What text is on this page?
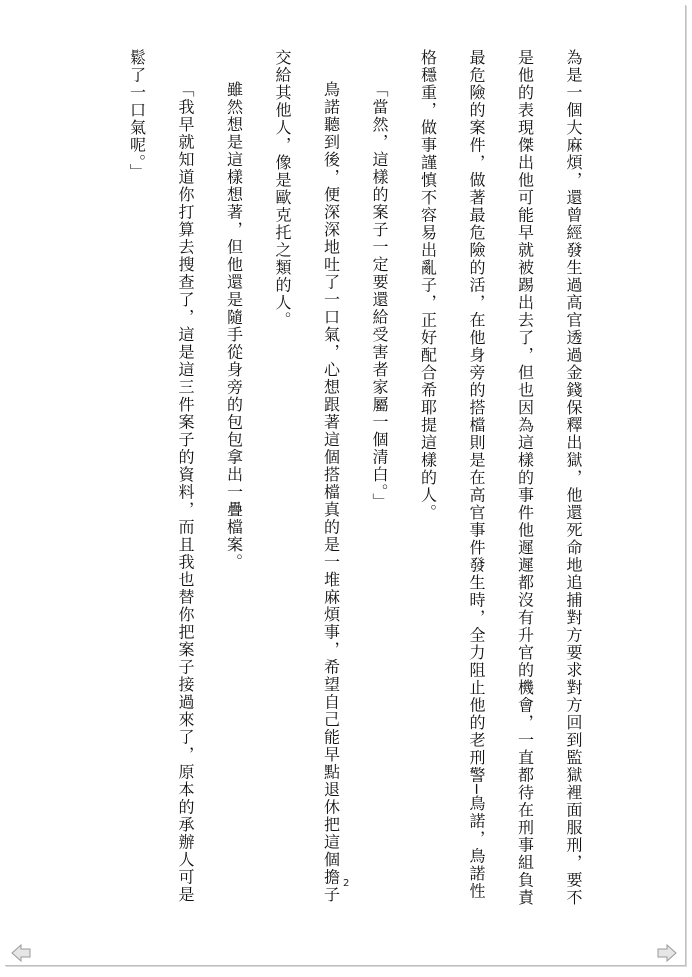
為是一個大麻煩，還曾經發生過高官透過金錢保釋出獄，他還死命地追捕對方要求對方回到監獄裡面服刑，要不是他的表現傑出他可能早就被踢出去了，但也因為這樣的事件他遲遲都沒有升官的機會，一直都待在刑事組負責最危險的案件，做著最危險的活，在他身旁的搭檔則是在高官事件發生時，全力阻止他的老刑警─鳥諾，鳥諾性格穩重，做事謹慎不容易出亂子，正好配合希耶提這樣的人。

「當然，這樣的案子一定要還給受害者家屬一個清白。」

鳥諾聽到後，便深深地吐了一口氣，心想跟著這個搭檔真的是一堆麻煩事，希望自己能早點退休把這個擔子交給其他人，像是歐克托之類的人。

雖然想是這樣想著，但他還是隨手從身旁的包包拿出一疊檔案。

「我早就知道你打算去搜查了，這是這三件案子的資料，而且我也替你把案子接過來了，原本的承辦人可是鬆了一口氣呢。」

2
